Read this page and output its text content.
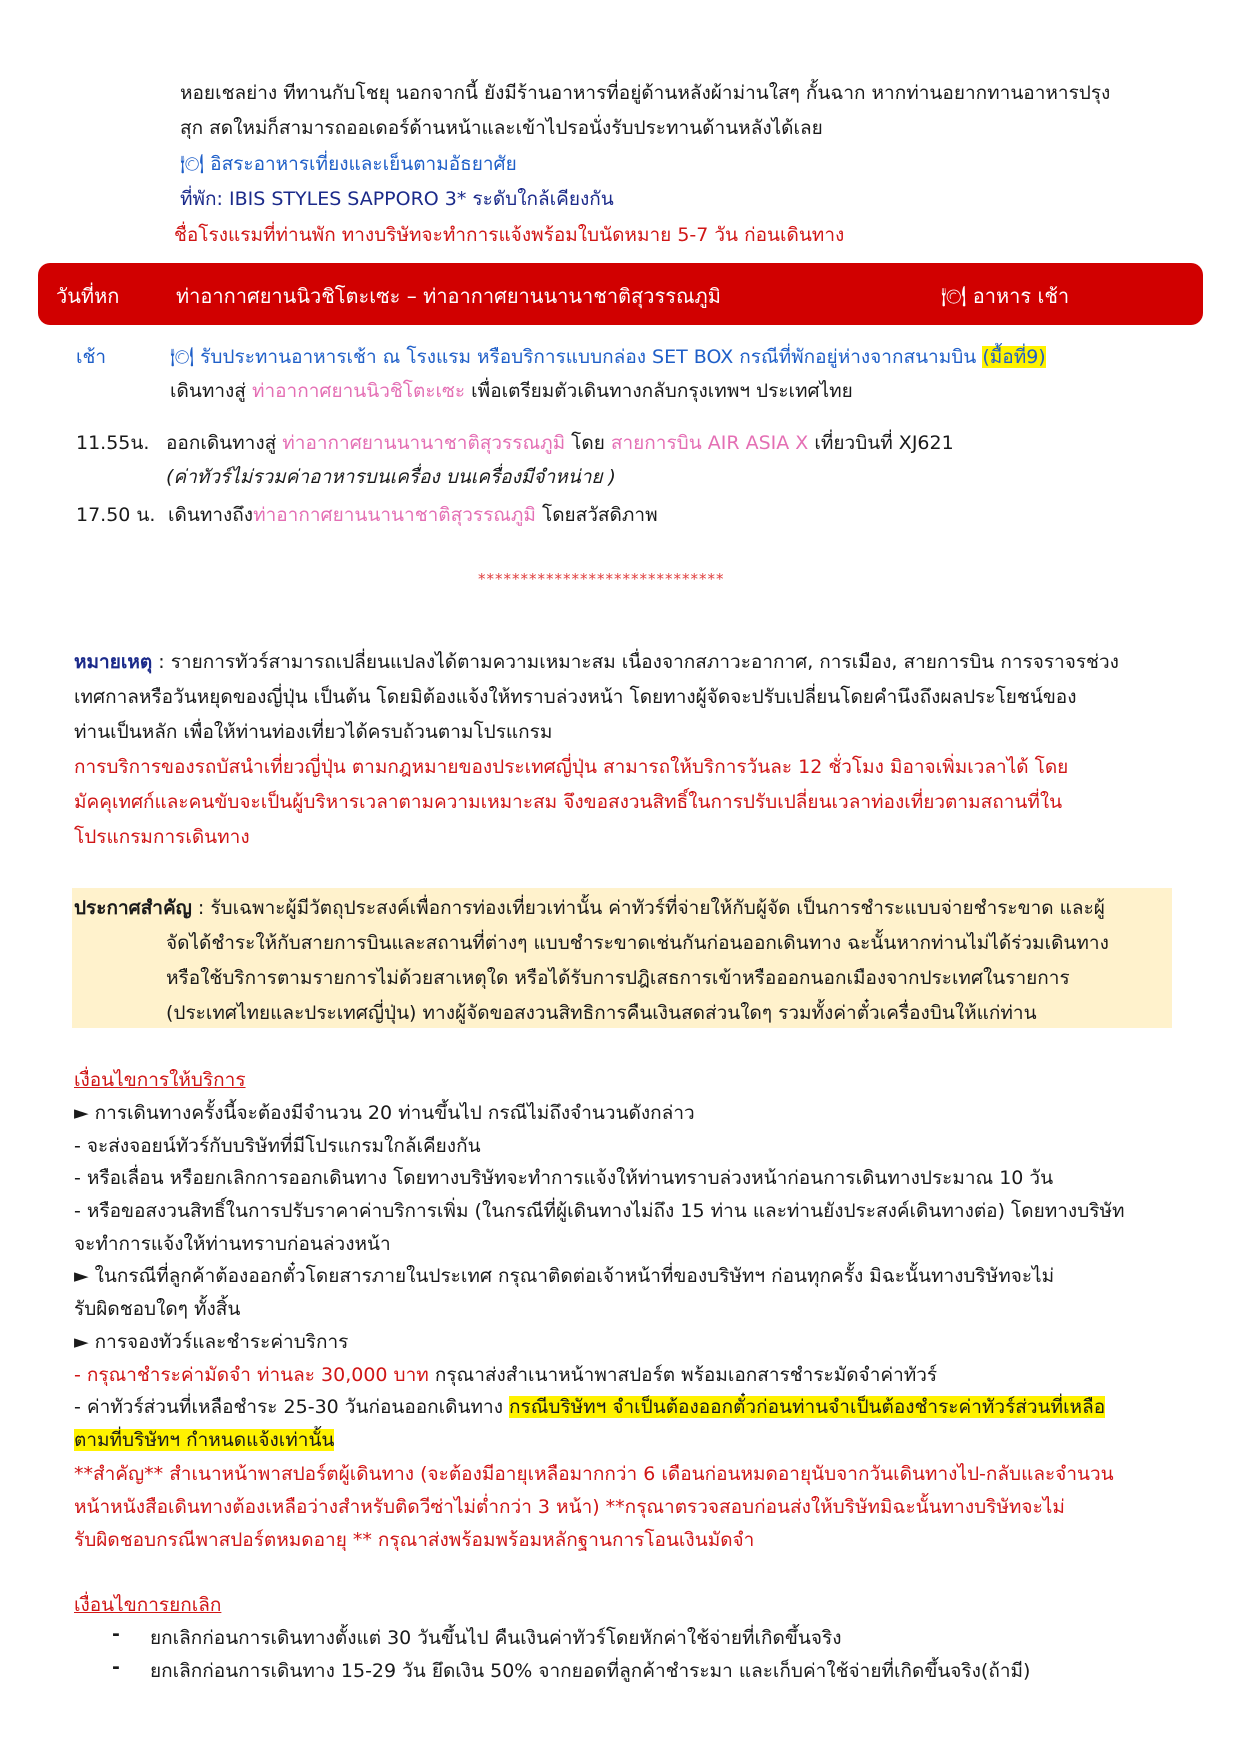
หอยเชลย่าง ทีทานกับโชยุ นอกจากนี้ ยังมีร้านอาหารที่อยู่ด้านหลังผ้าม่านใสๆ กั้นฉาก หากท่านอยากทานอาหารปรุง
สุก สดใหม่ก็สามารถออเดอร์ด้านหน้าและเข้าไปรอนั่งรับประทานด้านหลังได้เลย
🍽 อิสระอาหารเที่ยงและเย็นตามอัธยาศัย
ที่พัก: IBIS STYLES SAPPORO 3* ระดับใกล้เคียงกัน
ชื่อโรงแรมที่ท่านพัก ทางบริษัทจะทำการแจ้งพร้อมใบนัดหมาย 5-7 วัน ก่อนเดินทาง
วันที่หก	ท่าอากาศยานนิวชิโตะเซะ – ท่าอากาศยานนานาชาติสุวรรณภูมิ	🍽 อาหาร เช้า
เช้า	🍽 รับประทานอาหารเช้า ณ โรงแรม หรือบริการแบบกล่อง SET BOX กรณีที่พักอยู่ห่างจากสนามบิน (มื้อที่9)
เดินทางสู่ ท่าอากาศยานนิวชิโตะเซะ เพื่อเตรียมตัวเดินทางกลับกรุงเทพฯ ประเทศไทย
11.55น. ออกเดินทางสู่ ท่าอากาศยานนานาชาติสุวรรณภูมิ โดย สายการบิน AIR ASIA X เที่ยวบินที่ XJ621
(ค่าทัวร์ไม่รวมค่าอาหารบนเครื่อง บนเครื่องมีจำหน่าย )
17.50 น. เดินทางถึงท่าอากาศยานนานาชาติสุวรรณภูมิ โดยสวัสดิภาพ
*****************************
หมายเหตุ : รายการทัวร์สามารถเปลี่ยนแปลงได้ตามความเหมาะสม เนื่องจากสภาวะอากาศ, การเมือง, สายการบิน การจราจรช่วง
เทศกาลหรือวันหยุดของญี่ปุ่น เป็นต้น โดยมิต้องแจ้งให้ทราบล่วงหน้า โดยทางผู้จัดจะปรับเปลี่ยนโดยคำนึงถึงผลประโยชน์ของ
ท่านเป็นหลัก เพื่อให้ท่านท่องเที่ยวได้ครบถ้วนตามโปรแกรม
การบริการของรถบัสนำเที่ยวญี่ปุ่น ตามกฎหมายของประเทศญี่ปุ่น สามารถให้บริการวันละ 12 ชั่วโมง มิอาจเพิ่มเวลาได้ โดย
มัคคุเทศก์และคนขับจะเป็นผู้บริหารเวลาตามความเหมาะสม จึงขอสงวนสิทธิ์ในการปรับเปลี่ยนเวลาท่องเที่ยวตามสถานที่ใน
โปรแกรมการเดินทาง
ประกาศสำคัญ : รับเฉพาะผู้มีวัตถุประสงค์เพื่อการท่องเที่ยวเท่านั้น ค่าทัวร์ที่จ่ายให้กับผู้จัด เป็นการชำระแบบจ่ายชำระขาด และผู้
จัดได้ชำระให้กับสายการบินและสถานที่ต่างๆ แบบชำระขาดเช่นกันก่อนออกเดินทาง ฉะนั้นหากท่านไม่ได้ร่วมเดินทาง
หรือใช้บริการตามรายการไม่ด้วยสาเหตุใด หรือได้รับการปฎิเสธการเข้าหรือออกนอกเมืองจากประเทศในรายการ
(ประเทศไทยและประเทศญี่ปุ่น) ทางผู้จัดขอสงวนสิทธิการคืนเงินสดส่วนใดๆ รวมทั้งค่าตั๋วเครื่องบินให้แก่ท่าน
เงื่อนไขการให้บริการ
► การเดินทางครั้งนี้จะต้องมีจำนวน 20 ท่านขึ้นไป กรณีไม่ถึงจำนวนดังกล่าว
- จะส่งจอยน์ทัวร์กับบริษัทที่มีโปรแกรมใกล้เคียงกัน
- หรือเลื่อน หรือยกเลิกการออกเดินทาง โดยทางบริษัทจะทำการแจ้งให้ท่านทราบล่วงหน้าก่อนการเดินทางประมาณ 10 วัน
- หรือขอสงวนสิทธิ์ในการปรับราคาค่าบริการเพิ่ม (ในกรณีที่ผู้เดินทางไม่ถึง 15 ท่าน และท่านยังประสงค์เดินทางต่อ) โดยทางบริษัท
จะทำการแจ้งให้ท่านทราบก่อนล่วงหน้า
► ในกรณีที่ลูกค้าต้องออกตั๋วโดยสารภายในประเทศ กรุณาติดต่อเจ้าหน้าที่ของบริษัทฯ ก่อนทุกครั้ง มิฉะนั้นทางบริษัทจะไม่
รับผิดชอบใดๆ ทั้งสิ้น
► การจองทัวร์และชำระค่าบริการ
- กรุณาชำระค่ามัดจำ ท่านละ 30,000 บาท กรุณาส่งสำเนาหน้าพาสปอร์ต พร้อมเอกสารชำระมัดจำค่าทัวร์
- ค่าทัวร์ส่วนที่เหลือชำระ 25-30 วันก่อนออกเดินทาง กรณีบริษัทฯ จำเป็นต้องออกตั๋วก่อนท่านจำเป็นต้องชำระค่าทัวร์ส่วนที่เหลือ
ตามที่บริษัทฯ กำหนดแจ้งเท่านั้น
**สำคัญ** สำเนาหน้าพาสปอร์ตผู้เดินทาง (จะต้องมีอายุเหลือมากกว่า 6 เดือนก่อนหมดอายุนับจากวันเดินทางไป-กลับและจำนวน
หน้าหนังสือเดินทางต้องเหลือว่างสำหรับติดวีซ่าไม่ต่ำกว่า 3 หน้า) **กรุณาตรวจสอบก่อนส่งให้บริษัทมิฉะนั้นทางบริษัทจะไม่
รับผิดชอบกรณีพาสปอร์ตหมดอายุ ** กรุณาส่งพร้อมพร้อมหลักฐานการโอนเงินมัดจำ
เงื่อนไขการยกเลิก
- ยกเลิกก่อนการเดินทางตั้งแต่ 30 วันขึ้นไป คืนเงินค่าทัวร์โดยหักค่าใช้จ่ายที่เกิดขึ้นจริง
- ยกเลิกก่อนการเดินทาง 15-29 วัน ยึดเงิน 50% จากยอดที่ลูกค้าชำระมา และเก็บค่าใช้จ่ายที่เกิดขึ้นจริง(ถ้ามี)
